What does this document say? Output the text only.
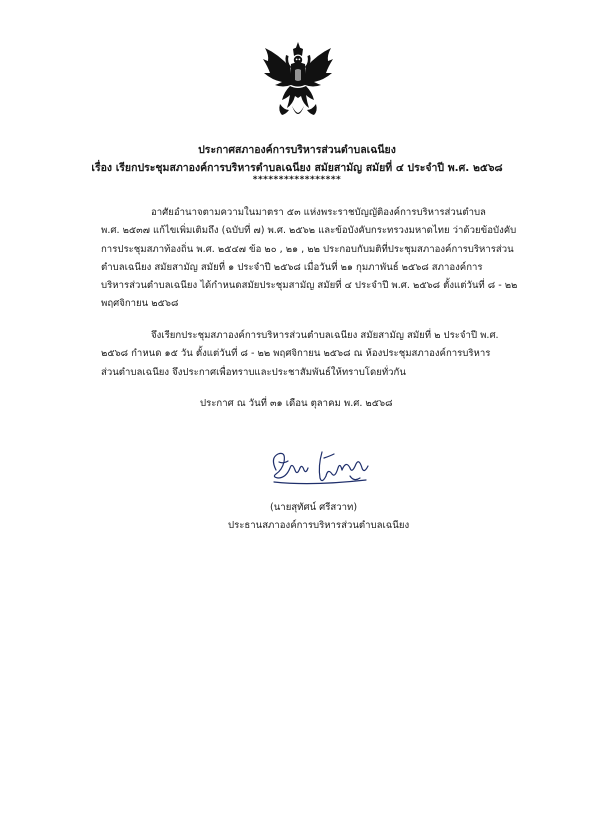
ประกาศสภาองค์การบริหารส่วนตำบลเฉนียง
เรื่อง เรียกประชุมสภาองค์การบริหารตำบลเฉนียง สมัยสามัญ สมัยที่ ๔ ประจำปี พ.ศ. ๒๕๖๘
*****************
อาศัยอำนาจตามความในมาตรา ๕๓ แห่งพระราชบัญญัติองค์การบริหารส่วนตำบล
พ.ศ. ๒๕๓๗ แก้ไขเพิ่มเติมถึง (ฉบับที่ ๗) พ.ศ. ๒๕๖๒ และข้อบังคับกระทรวงมหาดไทย ว่าด้วยข้อบังคับ
การประชุมสภาท้องถิ่น พ.ศ. ๒๕๔๗ ข้อ ๒๐ , ๒๑ , ๒๒ ประกอบกับมติที่ประชุมสภาองค์การบริหารส่วน
ตำบลเฉนียง สมัยสามัญ สมัยที่ ๑ ประจำปี ๒๕๖๘ เมื่อวันที่ ๒๑ กุมภาพันธ์ ๒๕๖๘ สภาองค์การ
บริหารส่วนตำบลเฉนียง ได้กำหนดสมัยประชุมสามัญ สมัยที่ ๔ ประจำปี พ.ศ. ๒๕๖๘ ตั้งแต่วันที่ ๘ - ๒๒
พฤศจิกายน ๒๕๖๘
จึงเรียกประชุมสภาองค์การบริหารส่วนตำบลเฉนียง สมัยสามัญ สมัยที่ ๒ ประจำปี พ.ศ.
๒๕๖๘ กำหนด ๑๕ วัน ตั้งแต่วันที่ ๘ - ๒๒ พฤศจิกายน ๒๕๖๘ ณ ห้องประชุมสภาองค์การบริหาร
ส่วนตำบลเฉนียง จึงประกาศเพื่อทราบและประชาสัมพันธ์ให้ทราบโดยทั่วกัน
ประกาศ ณ วันที่ ๓๑ เดือน ตุลาคม พ.ศ. ๒๕๖๘
(นายสุทัศน์ ศรีสวาท)
ประธานสภาองค์การบริหารส่วนตำบลเฉนียง
